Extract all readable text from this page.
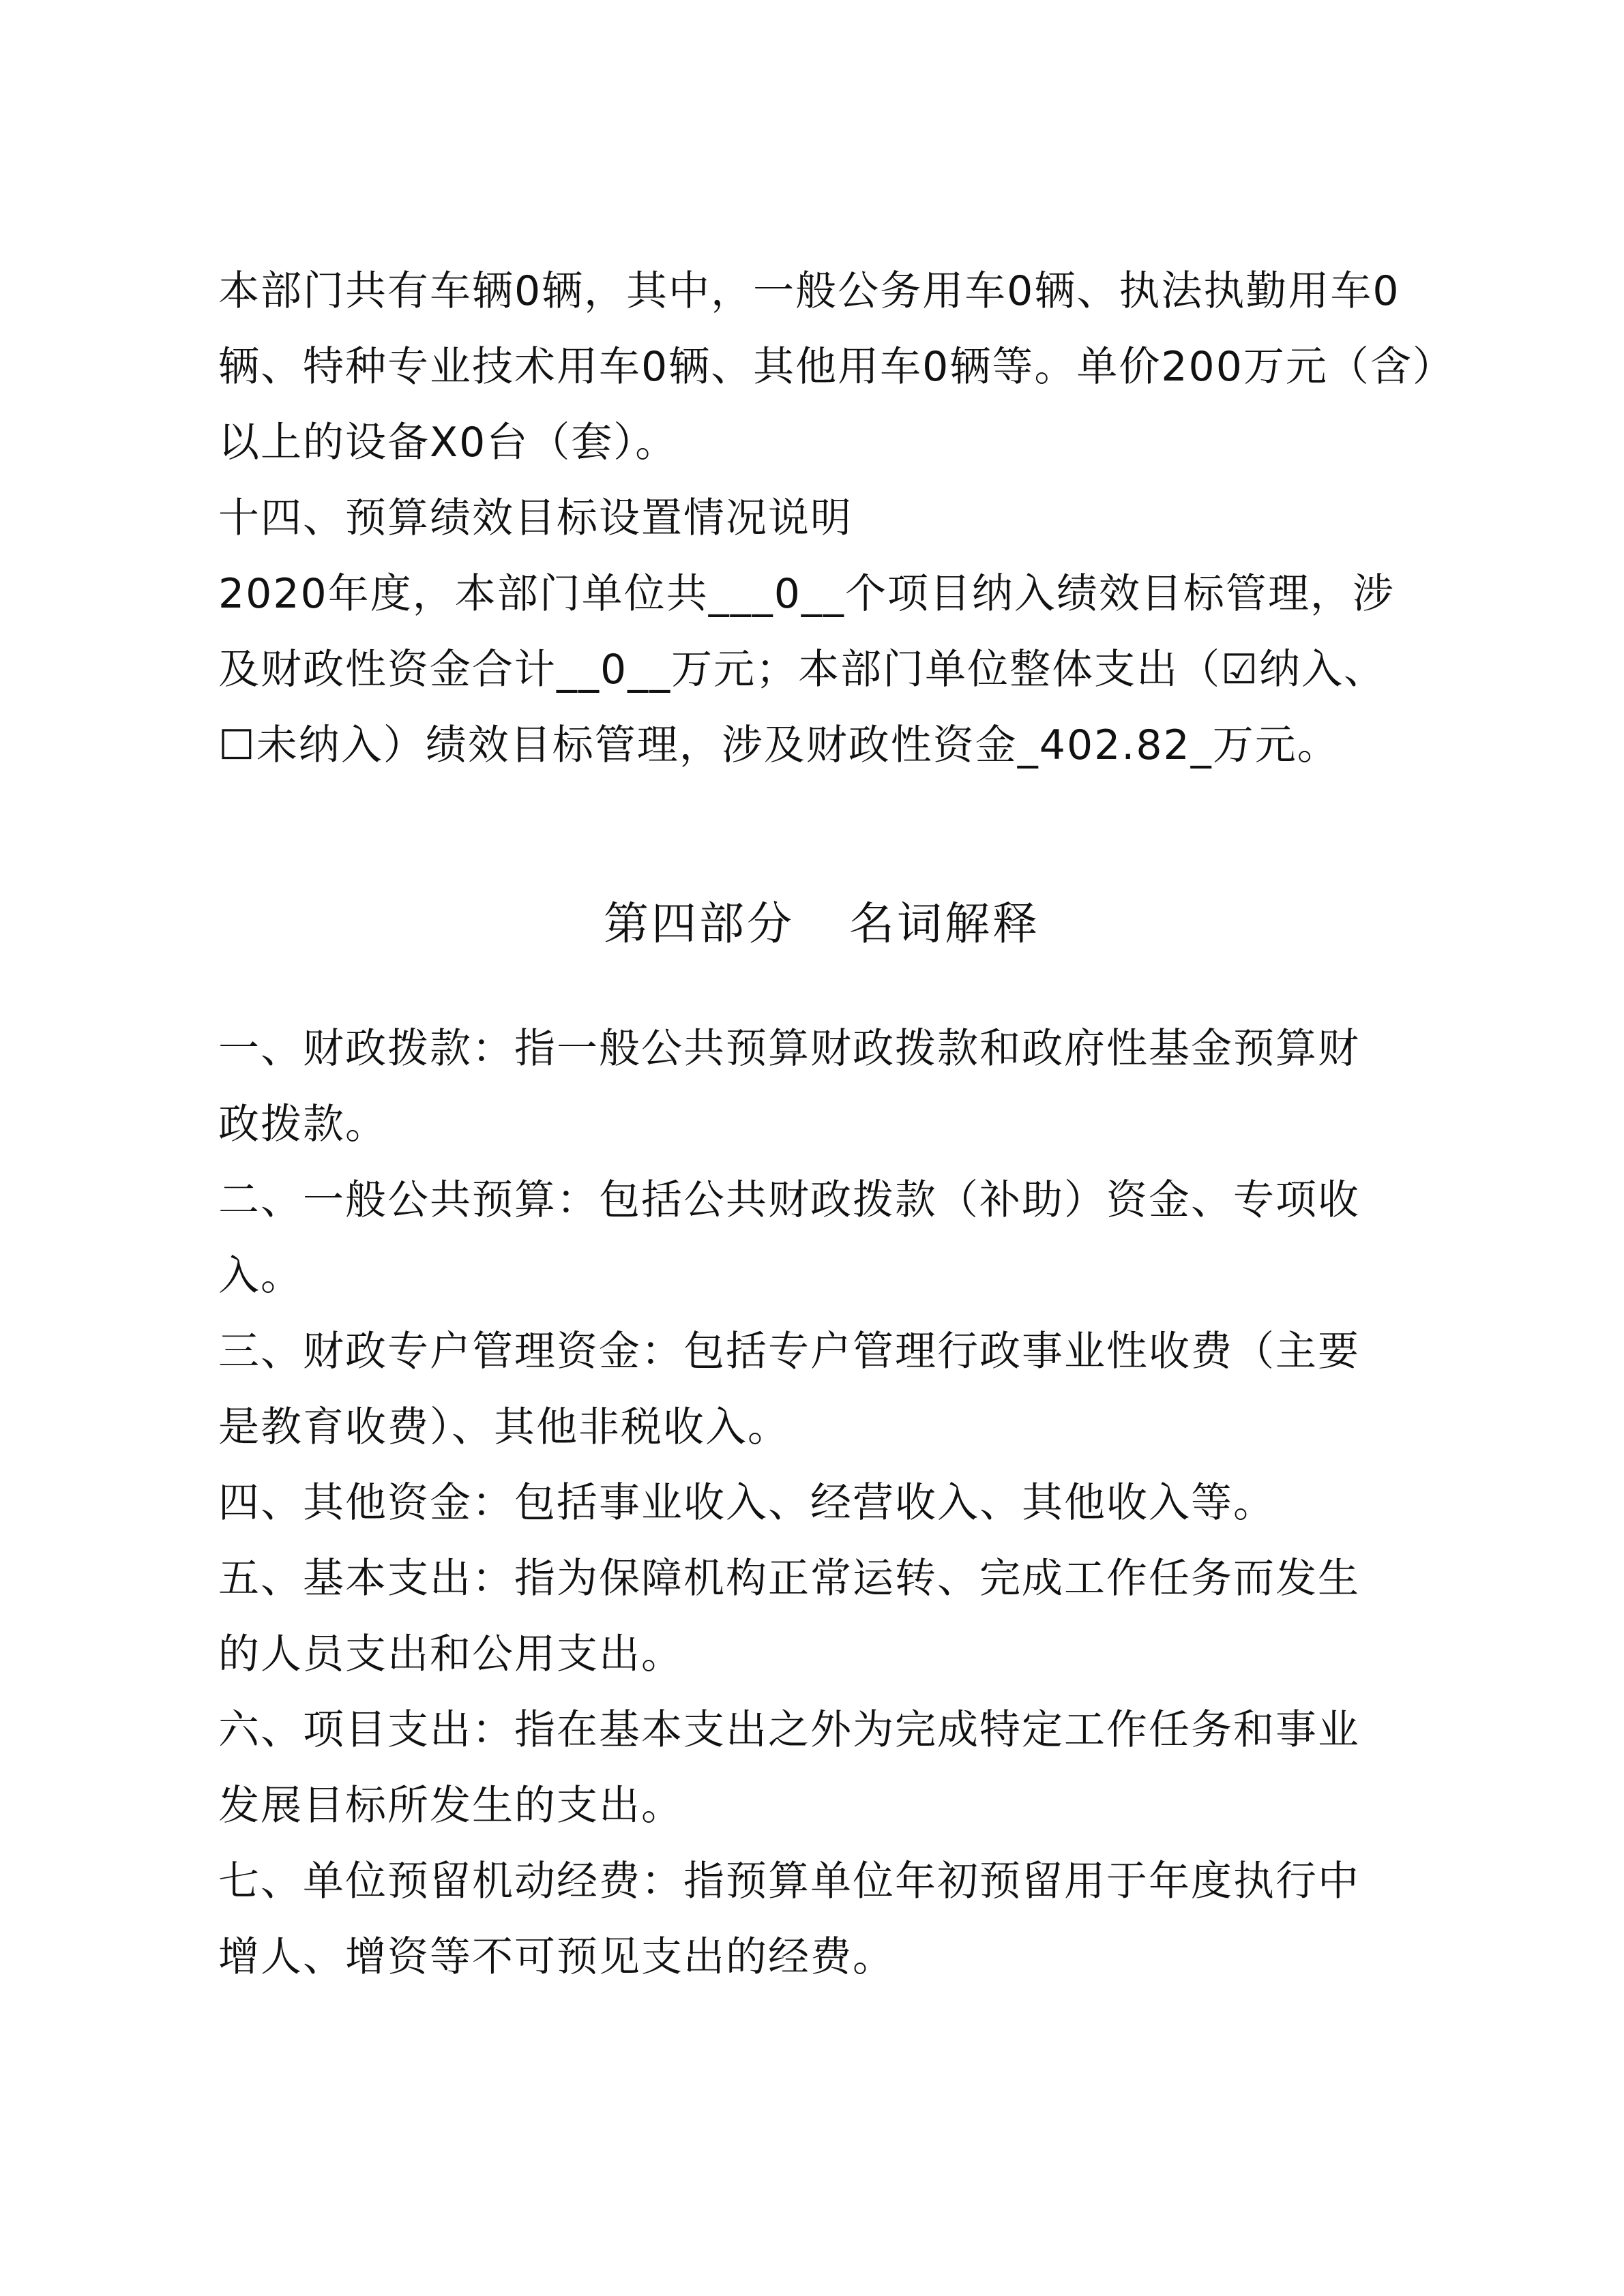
本部门共有车辆0辆，其中，一般公务用车0辆、执法执勤用车0
辆、特种专业技术用车0辆、其他用车0辆等。单价200万元（含）
以上的设备X0台（套）。
十四、预算绩效目标设置情况说明
2020年度，本部门单位共___0__个项目纳入绩效目标管理，涉
及财政性资金合计__0__万元；本部门单位整体支出（☑纳入、
☐未纳入）绩效目标管理，涉及财政性资金_402.82_万元。
第四部分 名词解释
一、财政拨款：指一般公共预算财政拨款和政府性基金预算财
政拨款。
二、一般公共预算：包括公共财政拨款（补助）资金、专项收
入。
三、财政专户管理资金：包括专户管理行政事业性收费（主要
是教育收费）、其他非税收入。
四、其他资金：包括事业收入、经营收入、其他收入等。
五、基本支出：指为保障机构正常运转、完成工作任务而发生
的人员支出和公用支出。
六、项目支出：指在基本支出之外为完成特定工作任务和事业
发展目标所发生的支出。
七、单位预留机动经费：指预算单位年初预留用于年度执行中
增人、增资等不可预见支出的经费。
